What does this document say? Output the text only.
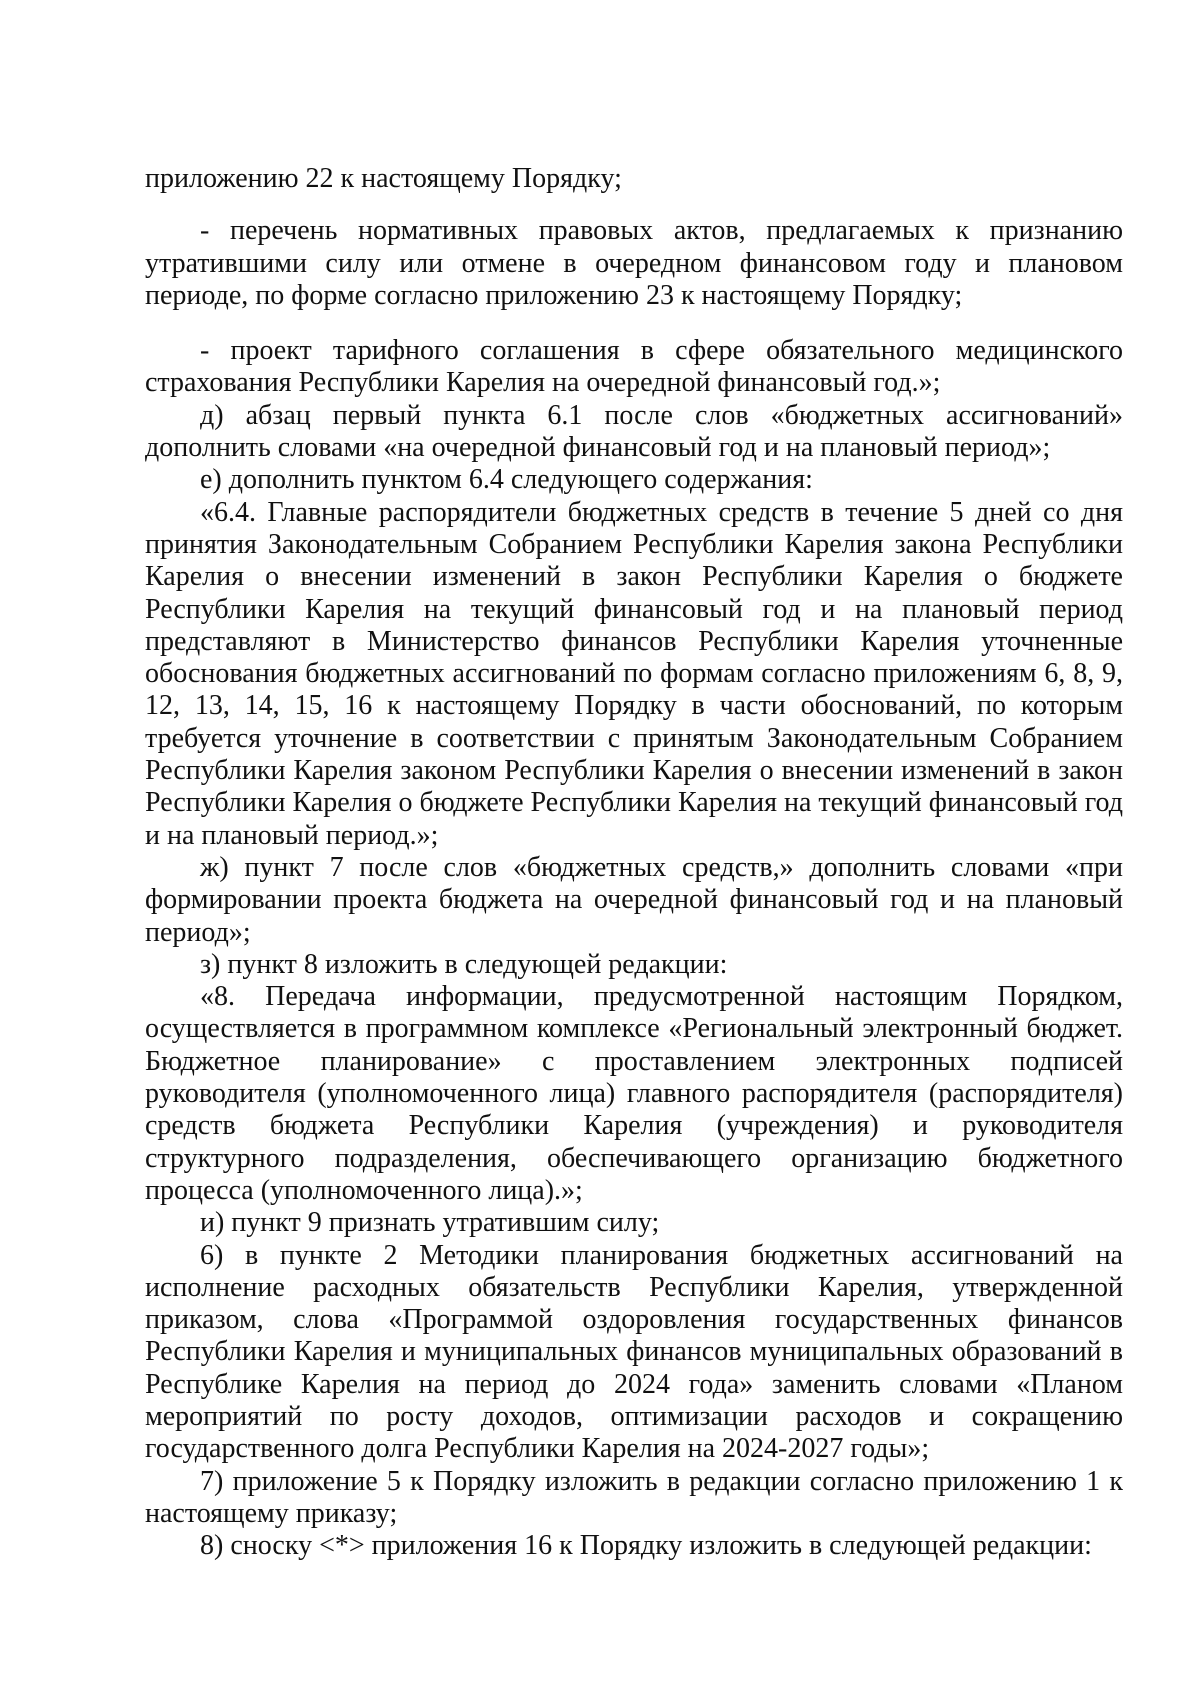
приложению 22 к настоящему Порядку;

- перечень нормативных правовых актов, предлагаемых к признанию утратившими силу или отмене в очередном финансовом году и плановом периоде, по форме согласно приложению 23 к настоящему Порядку;

- проект тарифного соглашения в сфере обязательного медицинского страхования Республики Карелия на очередной финансовый год.»;

д) абзац первый пункта 6.1 после слов «бюджетных ассигнований» дополнить словами «на очередной финансовый год и на плановый период»;

е) дополнить пунктом 6.4 следующего содержания:

«6.4. Главные распорядители бюджетных средств в течение 5 дней со дня принятия Законодательным Собранием Республики Карелия закона Республики Карелия о внесении изменений в закон Республики Карелия о бюджете Республики Карелия на текущий финансовый год и на плановый период представляют в Министерство финансов Республики Карелия уточненные обоснования бюджетных ассигнований по формам согласно приложениям 6, 8, 9, 12, 13, 14, 15, 16 к настоящему Порядку в части обоснований, по которым требуется уточнение в соответствии с принятым Законодательным Собранием Республики Карелия законом Республики Карелия о внесении изменений в закон Республики Карелия о бюджете Республики Карелия на текущий финансовый год и на плановый период.»;

ж) пункт 7 после слов «бюджетных средств,» дополнить словами «при формировании проекта бюджета на очередной финансовый год и на плановый период»;

з) пункт 8 изложить в следующей редакции:

«8. Передача информации, предусмотренной настоящим Порядком, осуществляется в программном комплексе «Региональный электронный бюджет. Бюджетное планирование» с проставлением электронных подписей руководителя (уполномоченного лица) главного распорядителя (распорядителя) средств бюджета Республики Карелия (учреждения) и руководителя структурного подразделения, обеспечивающего организацию бюджетного процесса (уполномоченного лица).»;

и) пункт 9 признать утратившим силу;

6) в пункте 2 Методики планирования бюджетных ассигнований на исполнение расходных обязательств Республики Карелия, утвержденной приказом, слова «Программой оздоровления государственных финансов Республики Карелия и муниципальных финансов муниципальных образований в Республике Карелия на период до 2024 года» заменить словами «Планом мероприятий по росту доходов, оптимизации расходов и сокращению государственного долга Республики Карелия на 2024-2027 годы»;

7) приложение 5 к Порядку изложить в редакции согласно приложению 1 к настоящему приказу;

8) сноску <*> приложения 16 к Порядку изложить в следующей редакции:
